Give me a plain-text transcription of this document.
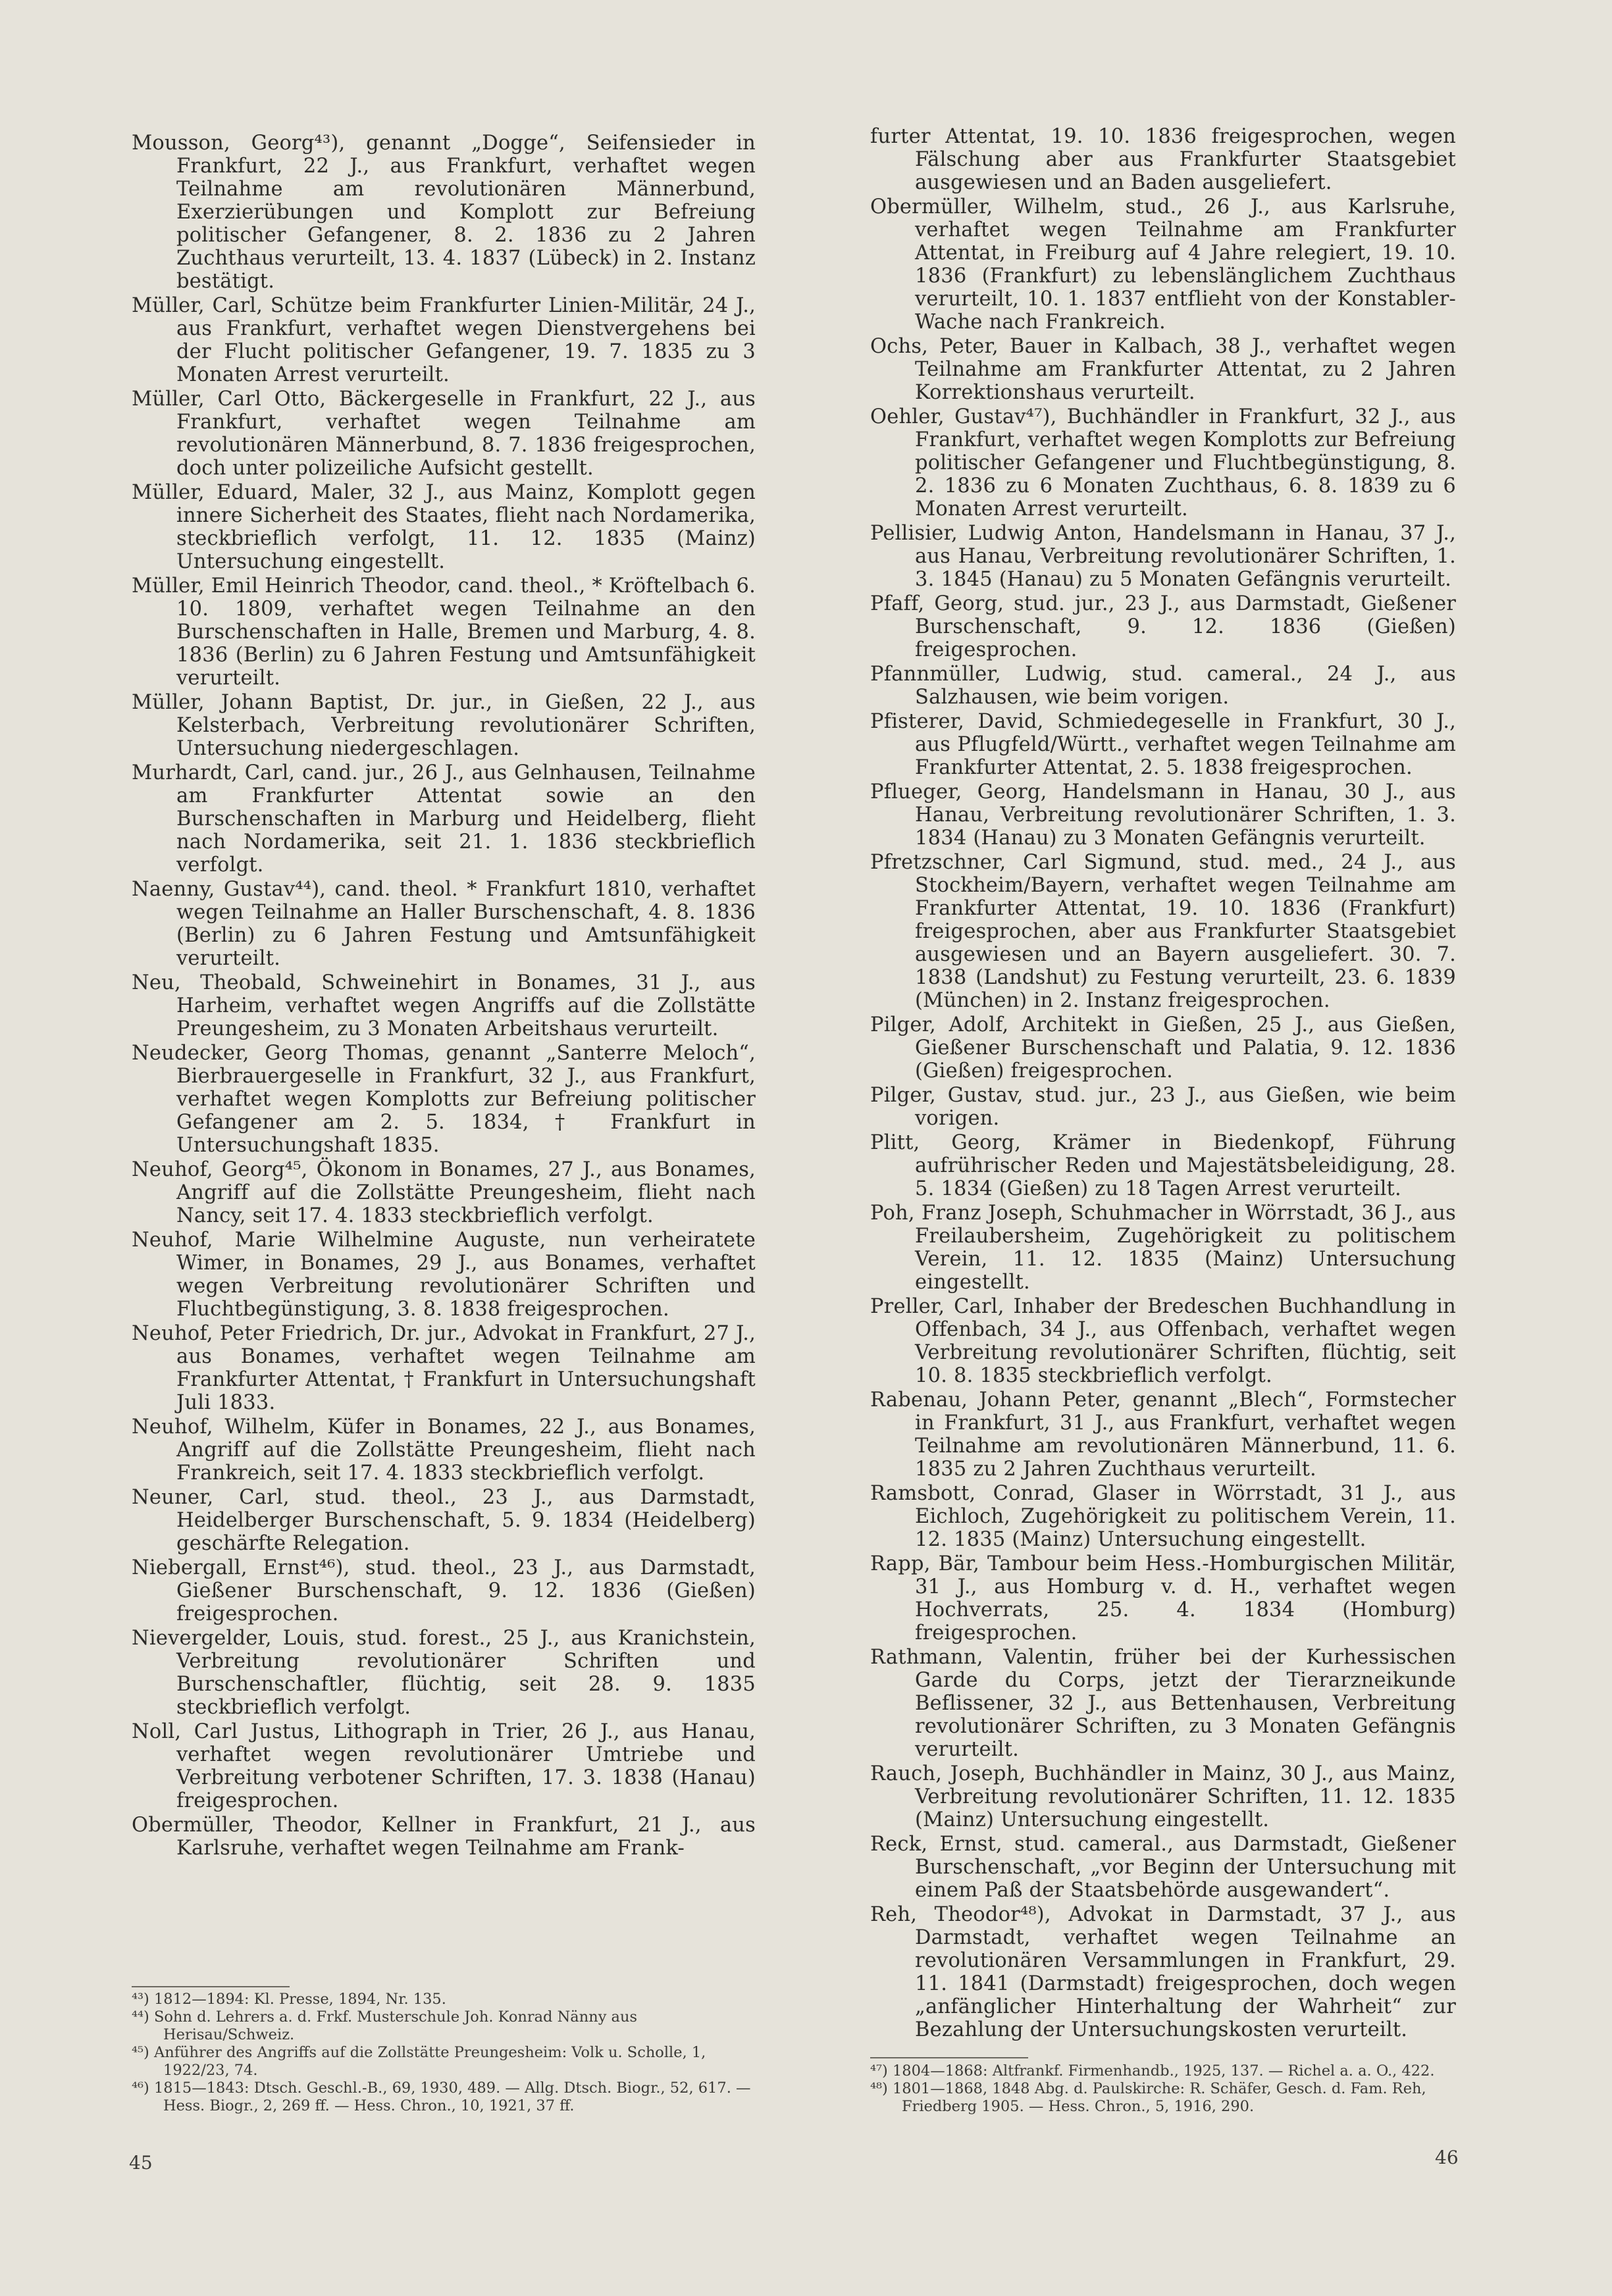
Mousson, Georg⁴³), genannt „Dogge“, Seifensieder in Frankfurt, 22 J., aus Frankfurt, verhaftet wegen Teilnahme am revolutionären Männerbund, Exerzierübungen und Komplott zur Befreiung politischer Gefangener, 8. 2. 1836 zu 2 Jahren Zuchthaus verurteilt, 13. 4. 1837 (Lübeck) in 2. Instanz bestätigt.

Müller, Carl, Schütze beim Frankfurter Linien-Militär, 24 J., aus Frankfurt, verhaftet wegen Dienstvergehens bei der Flucht politischer Gefangener, 19. 7. 1835 zu 3 Monaten Arrest verurteilt.

Müller, Carl Otto, Bäckergeselle in Frankfurt, 22 J., aus Frankfurt, verhaftet wegen Teilnahme am revolutionären Männerbund, 8. 7. 1836 freigesprochen, doch unter polizeiliche Aufsicht gestellt.

Müller, Eduard, Maler, 32 J., aus Mainz, Komplott gegen innere Sicherheit des Staates, flieht nach Nordamerika, steckbrieflich verfolgt, 11. 12. 1835 (Mainz) Untersuchung eingestellt.

Müller, Emil Heinrich Theodor, cand. theol., * Kröftelbach 6. 10. 1809, verhaftet wegen Teilnahme an den Burschenschaften in Halle, Bremen und Marburg, 4. 8. 1836 (Berlin) zu 6 Jahren Festung und Amtsunfähigkeit verurteilt.

Müller, Johann Baptist, Dr. jur., in Gießen, 22 J., aus Kelsterbach, Verbreitung revolutionärer Schriften, Untersuchung niedergeschlagen.

Murhardt, Carl, cand. jur., 26 J., aus Gelnhausen, Teilnahme am Frankfurter Attentat sowie an den Burschenschaften in Marburg und Heidelberg, flieht nach Nordamerika, seit 21. 1. 1836 steckbrieflich verfolgt.

Naenny, Gustav⁴⁴), cand. theol. * Frankfurt 1810, verhaftet wegen Teilnahme an Haller Burschenschaft, 4. 8. 1836 (Berlin) zu 6 Jahren Festung und Amtsunfähigkeit verurteilt.

Neu, Theobald, Schweinehirt in Bonames, 31 J., aus Harheim, verhaftet wegen Angriffs auf die Zollstätte Preungesheim, zu 3 Monaten Arbeitshaus verurteilt.

Neudecker, Georg Thomas, genannt „Santerre Meloch“, Bierbrauergeselle in Frankfurt, 32 J., aus Frankfurt, verhaftet wegen Komplotts zur Befreiung politischer Gefangener am 2. 5. 1834, † Frankfurt in Untersuchungshaft 1835.

Neuhof, Georg⁴⁵, Ökonom in Bonames, 27 J., aus Bonames, Angriff auf die Zollstätte Preungesheim, flieht nach Nancy, seit 17. 4. 1833 steckbrieflich verfolgt.

Neuhof, Marie Wilhelmine Auguste, nun verheiratete Wimer, in Bonames, 29 J., aus Bonames, verhaftet wegen Verbreitung revolutionärer Schriften und Fluchtbegünstigung, 3. 8. 1838 freigesprochen.

Neuhof, Peter Friedrich, Dr. jur., Advokat in Frankfurt, 27 J., aus Bonames, verhaftet wegen Teilnahme am Frankfurter Attentat, † Frankfurt in Untersuchungshaft Juli 1833.

Neuhof, Wilhelm, Küfer in Bonames, 22 J., aus Bonames, Angriff auf die Zollstätte Preungesheim, flieht nach Frankreich, seit 17. 4. 1833 steckbrieflich verfolgt.

Neuner, Carl, stud. theol., 23 J., aus Darmstadt, Heidelberger Burschenschaft, 5. 9. 1834 (Heidelberg) geschärfte Relegation.

Niebergall, Ernst⁴⁶), stud. theol., 23 J., aus Darmstadt, Gießener Burschenschaft, 9. 12. 1836 (Gießen) freigesprochen.

Nievergelder, Louis, stud. forest., 25 J., aus Kranichstein, Verbreitung revolutionärer Schriften und Burschenschaftler, flüchtig, seit 28. 9. 1835 steckbrieflich verfolgt.

Noll, Carl Justus, Lithograph in Trier, 26 J., aus Hanau, verhaftet wegen revolutionärer Umtriebe und Verbreitung verbotener Schriften, 17. 3. 1838 (Hanau) freigesprochen.

Obermüller, Theodor, Kellner in Frankfurt, 21 J., aus Karlsruhe, verhaftet wegen Teilnahme am Frank-

⁴³) 1812—1894: Kl. Presse, 1894, Nr. 135.

⁴⁴) Sohn d. Lehrers a. d. Frkf. Musterschule Joh. Konrad Nänny aus Herisau/Schweiz.

⁴⁵) Anführer des Angriffs auf die Zollstätte Preungesheim: Volk u. Scholle, 1, 1922/23, 74.

⁴⁶) 1815—1843: Dtsch. Geschl.-B., 69, 1930, 489. — Allg. Dtsch. Biogr., 52, 617. — Hess. Biogr., 2, 269 ff. — Hess. Chron., 10, 1921, 37 ff.

45

furter Attentat, 19. 10. 1836 freigesprochen, wegen Fälschung aber aus Frankfurter Staatsgebiet ausgewiesen und an Baden ausgeliefert.

Obermüller, Wilhelm, stud., 26 J., aus Karlsruhe, verhaftet wegen Teilnahme am Frankfurter Attentat, in Freiburg auf 4 Jahre relegiert, 19. 10. 1836 (Frankfurt) zu lebenslänglichem Zuchthaus verurteilt, 10. 1. 1837 entflieht von der Konstabler-Wache nach Frankreich.

Ochs, Peter, Bauer in Kalbach, 38 J., verhaftet wegen Teilnahme am Frankfurter Attentat, zu 2 Jahren Korrektionshaus verurteilt.

Oehler, Gustav⁴⁷), Buchhändler in Frankfurt, 32 J., aus Frankfurt, verhaftet wegen Komplotts zur Befreiung politischer Gefangener und Fluchtbegünstigung, 8. 2. 1836 zu 6 Monaten Zuchthaus, 6. 8. 1839 zu 6 Monaten Arrest verurteilt.

Pellisier, Ludwig Anton, Handelsmann in Hanau, 37 J., aus Hanau, Verbreitung revolutionärer Schriften, 1. 3. 1845 (Hanau) zu 5 Monaten Gefängnis verurteilt.

Pfaff, Georg, stud. jur., 23 J., aus Darmstadt, Gießener Burschenschaft, 9. 12. 1836 (Gießen) freigesprochen.

Pfannmüller, Ludwig, stud. cameral., 24 J., aus Salzhausen, wie beim vorigen.

Pfisterer, David, Schmiedegeselle in Frankfurt, 30 J., aus Pflugfeld/Württ., verhaftet wegen Teilnahme am Frankfurter Attentat, 2. 5. 1838 freigesprochen.

Pflueger, Georg, Handelsmann in Hanau, 30 J., aus Hanau, Verbreitung revolutionärer Schriften, 1. 3. 1834 (Hanau) zu 3 Monaten Gefängnis verurteilt.

Pfretzschner, Carl Sigmund, stud. med., 24 J., aus Stockheim/Bayern, verhaftet wegen Teilnahme am Frankfurter Attentat, 19. 10. 1836 (Frankfurt) freigesprochen, aber aus Frankfurter Staatsgebiet ausgewiesen und an Bayern ausgeliefert. 30. 7. 1838 (Landshut) zu Festung verurteilt, 23. 6. 1839 (München) in 2. Instanz freigesprochen.

Pilger, Adolf, Architekt in Gießen, 25 J., aus Gießen, Gießener Burschenschaft und Palatia, 9. 12. 1836 (Gießen) freigesprochen.

Pilger, Gustav, stud. jur., 23 J., aus Gießen, wie beim vorigen.

Plitt, Georg, Krämer in Biedenkopf, Führung aufrührischer Reden und Majestätsbeleidigung, 28. 5. 1834 (Gießen) zu 18 Tagen Arrest verurteilt.

Poh, Franz Joseph, Schuhmacher in Wörrstadt, 36 J., aus Freilaubersheim, Zugehörigkeit zu politischem Verein, 11. 12. 1835 (Mainz) Untersuchung eingestellt.

Preller, Carl, Inhaber der Bredeschen Buchhandlung in Offenbach, 34 J., aus Offenbach, verhaftet wegen Verbreitung revolutionärer Schriften, flüchtig, seit 10. 8. 1835 steckbrieflich verfolgt.

Rabenau, Johann Peter, genannt „Blech“, Formstecher in Frankfurt, 31 J., aus Frankfurt, verhaftet wegen Teilnahme am revolutionären Männerbund, 11. 6. 1835 zu 2 Jahren Zuchthaus verurteilt.

Ramsbott, Conrad, Glaser in Wörrstadt, 31 J., aus Eichloch, Zugehörigkeit zu politischem Verein, 11. 12. 1835 (Mainz) Untersuchung eingestellt.

Rapp, Bär, Tambour beim Hess.-Homburgischen Militär, 31 J., aus Homburg v. d. H., verhaftet wegen Hochverrats, 25. 4. 1834 (Homburg) freigesprochen.

Rathmann, Valentin, früher bei der Kurhessischen Garde du Corps, jetzt der Tierarzneikunde Beflissener, 32 J., aus Bettenhausen, Verbreitung revolutionärer Schriften, zu 3 Monaten Gefängnis verurteilt.

Rauch, Joseph, Buchhändler in Mainz, 30 J., aus Mainz, Verbreitung revolutionärer Schriften, 11. 12. 1835 (Mainz) Untersuchung eingestellt.

Reck, Ernst, stud. cameral., aus Darmstadt, Gießener Burschenschaft, „vor Beginn der Untersuchung mit einem Paß der Staatsbehörde ausgewandert“.

Reh, Theodor⁴⁸), Advokat in Darmstadt, 37 J., aus Darmstadt, verhaftet wegen Teilnahme an revolutionären Versammlungen in Frankfurt, 29. 11. 1841 (Darmstadt) freigesprochen, doch wegen „anfänglicher Hinterhaltung der Wahrheit“ zur Bezahlung der Untersuchungskosten verurteilt.

⁴⁷) 1804—1868: Altfrankf. Firmenhandb., 1925, 137. — Richel a. a. O., 422.

⁴⁸) 1801—1868, 1848 Abg. d. Paulskirche: R. Schäfer, Gesch. d. Fam. Reh, Friedberg 1905. — Hess. Chron., 5, 1916, 290.

46
